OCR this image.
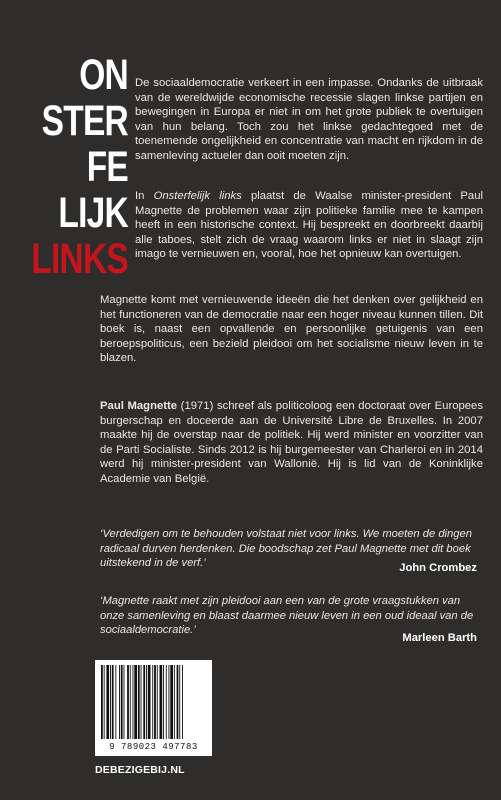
ON
STER
FE
LIJK
LINKS

De sociaaldemocratie verkeert in een impasse. Ondanks de uitbraak van de wereldwijde economische recessie slagen linkse partijen en bewegingen in Europa er niet in om het grote publiek te overtuigen van hun belang. Toch zou het linkse gedachtegoed met de toenemende ongelijkheid en concentratie van macht en rijkdom in de samenleving actueler dan ooit moeten zijn.

In Onsterfelijk links plaatst de Waalse minister-president Paul Magnette de problemen waar zijn politieke familie mee te kampen heeft in een historische context. Hij bespreekt en doorbreekt daarbij alle taboes, stelt zich de vraag waarom links er niet in slaagt zijn imago te vernieuwen en, vooral, hoe het opnieuw kan overtuigen.

Magnette komt met vernieuwende ideeën die het denken over gelijkheid en het functioneren van de democratie naar een hoger niveau kunnen tillen. Dit boek is, naast een opvallende en persoonlijke getuigenis van een beroepspoliticus, een bezield pleidooi om het socialisme nieuw leven in te blazen.

Paul Magnette (1971) schreef als politicoloog een doctoraat over Europees burgerschap en doceerde aan de Université Libre de Bruxelles. In 2007 maakte hij de overstap naar de politiek. Hij werd minister en voorzitter van de Parti Socialiste. Sinds 2012 is hij burgemeester van Charleroi en in 2014 werd hij minister-president van Wallonië. Hij is lid van de Koninklijke Academie van België.

‘Verdedigen om te behouden volstaat niet voor links. We moeten de dingen radicaal durven herdenken. Die boodschap zet Paul Magnette met dit boek uitstekend in de verf.’	John Crombez

‘Magnette raakt met zijn pleidooi aan een van de grote vraagstukken van onze samenleving en blaast daarmee nieuw leven in een oud ideaal van de sociaaldemocratie.’

Marleen Barth
9 789023 497783
DEBEZIGEBIJ.NL
